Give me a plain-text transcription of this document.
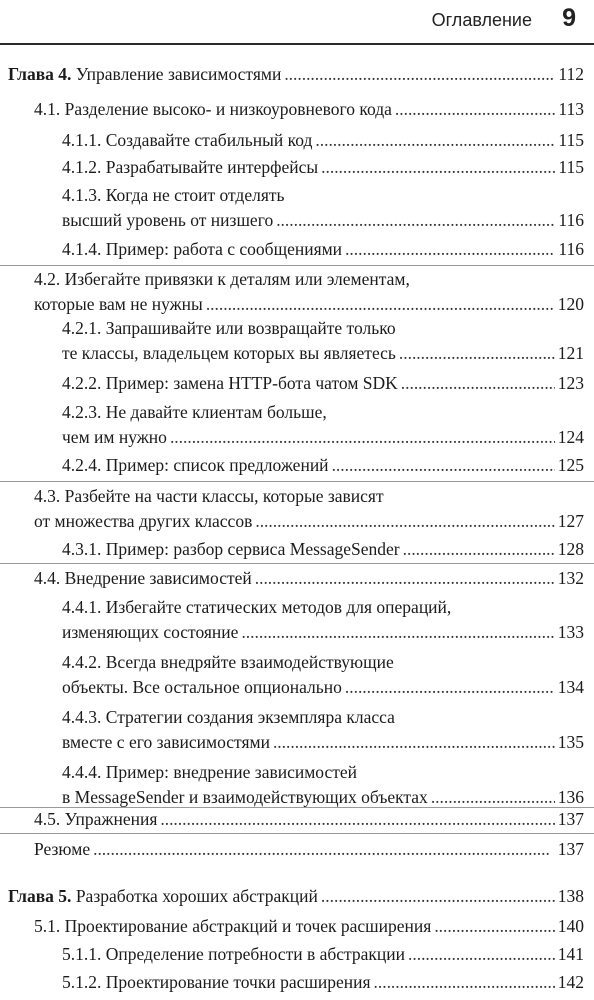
Оглавление 9
Глава 4. Управление зависимостями . . .	112
4.1. Разделение высоко- и низкоуровневого кода . . .	113
4.1.1. Создавайте стабильный код . . .	115
4.1.2. Разрабатывайте интерфейсы . . .	115
4.1.3. Когда не стоит отделять
высший уровень от низшего . . .	116
4.1.4. Пример: работа с сообщениями . . .	116
4.2. Избегайте привязки к деталям или элементам,
которые вам не нужны . . .	120
4.2.1. Запрашивайте или возвращайте только
те классы, владельцем которых вы являетесь . . .	121
4.2.2. Пример: замена HTTP-бота чатом SDK . . .	123
4.2.3. Не давайте клиентам больше,
чем им нужно . . .	124
4.2.4. Пример: список предложений . . .	125
4.3. Разбейте на части классы, которые зависят
от множества других классов . . .	127
4.3.1. Пример: разбор сервиса MessageSender . . .	128
4.4. Внедрение зависимостей . . .	132
4.4.1. Избегайте статических методов для операций,
изменяющих состояние . . .	133
4.4.2. Всегда внедряйте взаимодействующие
объекты. Все остальное опционально . . .	134
4.4.3. Стратегии создания экземпляра класса
вместе с его зависимостями . . .	135
4.4.4. Пример: внедрение зависимостей
в MessageSender и взаимодействующих объектах . . .	136
4.5. Упражнения . . .	137
Резюме . . .	137
Глава 5. Разработка хороших абстракций . . .	138
5.1. Проектирование абстракций и точек расширения . . .	140
5.1.1. Определение потребности в абстракции . . .	141
5.1.2. Проектирование точки расширения . . .	142
